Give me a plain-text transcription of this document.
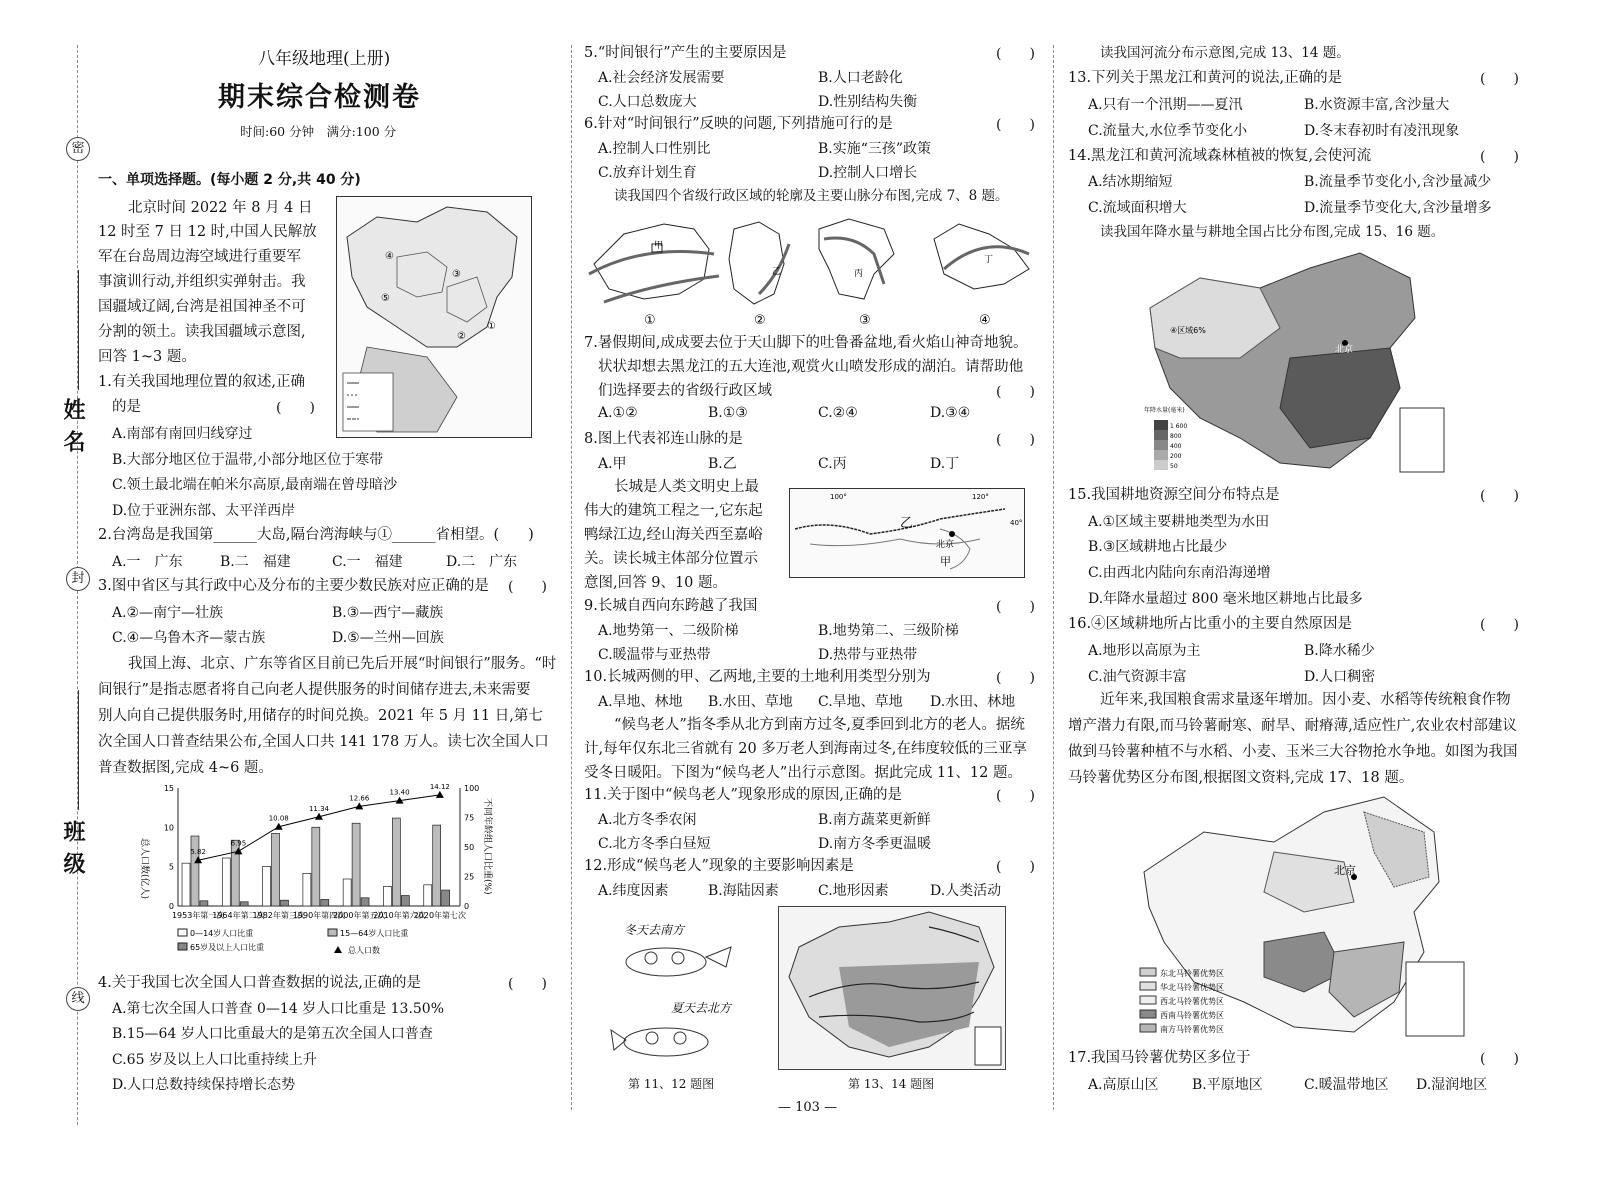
密
封
线
姓名
班级
八年级地理(上册)
期末综合检测卷
时间:60 分钟　满分:100 分
一、单项选择题。(每小题 2 分,共 40 分)
北京时间 2022 年 8 月 4 日
12 时至 7 日 12 时,中国人民解放
军在台岛周边海空域进行重要军
事演训行动,并组织实弹射击。我
国疆域辽阔,台湾是祖国神圣不可
分割的领土。读我国疆域示意图,
回答 1~3 题。
④
⑤
③
①
②
1.有关我国地理位置的叙述,正确
的是	(　　)
A.南部有南回归线穿过
B.大部分地区位于温带,小部分地区位于寒带
C.领土最北端在帕米尔高原,最南端在曾母暗沙
D.位于亚洲东部、太平洋西岸
2.台湾岛是我国第______大岛,隔台湾海峡与①______省相望。(　　)
A.一　广东	B.二　福建	C.一　福建	D.二　广东
3.图中省区与其行政中心及分布的主要少数民族对应正确的是 (　　)
A.②—南宁—壮族	B.③—西宁—藏族
C.④—乌鲁木齐—蒙古族	D.⑤—兰州—回族
我国上海、北京、广东等省区目前已先后开展“时间银行”服务。“时
间银行”是指志愿者将自己向老人提供服务的时间储存进去,未来需要
别人向自己提供服务时,用储存的时间兑换。2021 年 5 月 11 日,第七
次全国人口普查结果公布,全国人口共 141 178 万人。读七次全国人口
普查数据图,完成 4~6 题。
0
5
10
15
0
25
50
75
100
总人口数(亿人)	不同年龄组人口比重(%)
1953年第一次
1964年第二次
1982年第三次
1990年第四次
2000年第五次
2010年第六次
2020年第七次
5.82
6.95
10.08
11.34
12.66
13.40
14.12
0—14岁人口比重	15—64岁人口比重
65岁及以上人口比重	总人口数
4.关于我国七次全国人口普查数据的说法,正确的是	(　　)
A.第七次全国人口普查 0—14 岁人口比重是 13.50%
B.15—64 岁人口比重最大的是第五次全国人口普查
C.65 岁及以上人口比重持续上升
D.人口总数持续保持增长态势
5.“时间银行”产生的主要原因是	(　　)
A.社会经济发展需要	B.人口老龄化
C.人口总数庞大	D.性别结构失衡
6.针对“时间银行”反映的问题,下列措施可行的是	(　　)
A.控制人口性别比	B.实施“三孩”政策
C.放弃计划生育	D.控制人口增长
读我国四个省级行政区域的轮廓及主要山脉分布图,完成 7、8 题。
①
甲
②
乙
③
丙
④
丁
7.暑假期间,成成要去位于天山脚下的吐鲁番盆地,看火焰山神奇地貌。
状状却想去黑龙江的五大连池,观赏火山喷发形成的湖泊。请帮助他
们选择要去的省级行政区域	(　　)
A.①②	B.①③	C.②④	D.③④
8.图上代表祁连山脉的是	(　　)
A.甲	B.乙	C.丙	D.丁
长城是人类文明史上最
伟大的建筑工程之一,它东起
鸭绿江边,经山海关西至嘉峪
关。读长城主体部分位置示
意图,回答 9、10 题。
100°	120°
40°
乙
北京
甲
9.长城自西向东跨越了我国	(　　)
A.地势第一、二级阶梯	B.地势第二、三级阶梯
C.暖温带与亚热带	D.热带与亚热带
10.长城两侧的甲、乙两地,主要的土地利用类型分别为	(　　)
A.旱地、林地 B.水田、草地 C.旱地、草地 D.水田、林地
“候鸟老人”指冬季从北方到南方过冬,夏季回到北方的老人。据统
计,每年仅东北三省就有 20 多万老人到海南过冬,在纬度较低的三亚享
受冬日暖阳。下图为“候鸟老人”出行示意图。据此完成 11、12 题。
11.关于图中“候鸟老人”现象形成的原因,正确的是	(　　)
A.北方冬季农闲	B.南方蔬菜更新鲜
C.北方冬季白昼短	D.南方冬季更温暖
12.形成“候鸟老人”现象的主要影响因素是	(　　)
A.纬度因素	B.海陆因素	C.地形因素	D.人类活动
冬天去南方
夏天去北方
第 11、12 题图	第 13、14 题图
— 103 —
读我国河流分布示意图,完成 13、14 题。
13.下列关于黑龙江和黄河的说法,正确的是	(　　)
A.只有一个汛期——夏汛	B.水资源丰富,含沙量大
C.流量大,水位季节变化小	D.冬末春初时有凌汛现象
14.黑龙江和黄河流域森林植被的恢复,会使河流	(　　)
A.结冰期缩短	B.流量季节变化小,含沙量减少
C.流域面积增大	D.流量季节变化大,含沙量增多
读我国年降水量与耕地全国占比分布图,完成 15、16 题。
北京
④区域6%
年降水量(毫米)
1 600
800
400
200
50
15.我国耕地资源空间分布特点是	(　　)
A.①区域主要耕地类型为水田
B.③区域耕地占比最少
C.由西北内陆向东南沿海递增
D.年降水量超过 800 毫米地区耕地占比最多
16.④区域耕地所占比重小的主要自然原因是	(　　)
A.地形以高原为主	B.降水稀少
C.油气资源丰富	D.人口稠密
近年来,我国粮食需求量逐年增加。因小麦、水稻等传统粮食作物
增产潜力有限,而马铃薯耐寒、耐旱、耐瘠薄,适应性广,农业农村部建议
做到马铃薯种植不与水稻、小麦、玉米三大谷物抢水争地。如图为我国
马铃薯优势区分布图,根据图文资料,完成 17、18 题。
北京
东北马铃薯优势区
华北马铃薯优势区
西北马铃薯优势区
西南马铃薯优势区
南方马铃薯优势区
17.我国马铃薯优势区多位于	(　　)
A.高原山区 B.平原地区	C.暖温带地区 D.湿润地区
